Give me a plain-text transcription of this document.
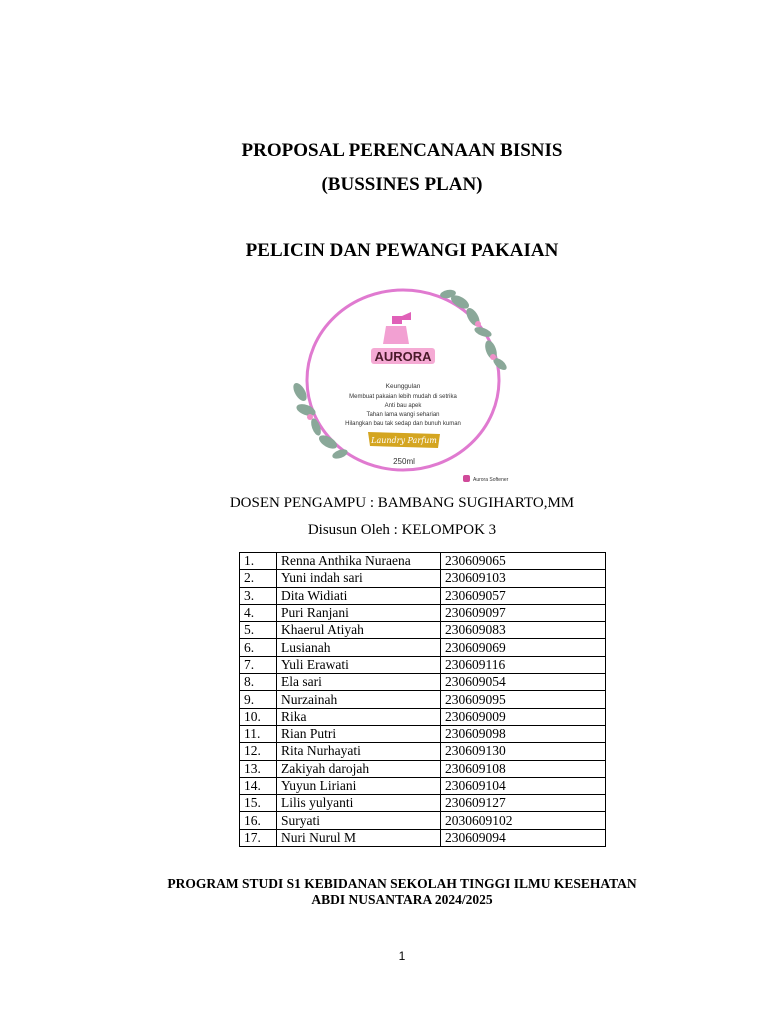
PROPOSAL PERENCANAAN BISNIS
(BUSSINES PLAN)
PELICIN DAN PEWANGI PAKAIAN
AURORA
Keunggulan
Membuat pakaian lebih mudah di setrika
Anti bau apek
Tahan lama wangi seharian
Hilangkan bau tak sedap dan bunuh kuman
Laundry Parfum
250ml
Aurora Softener
DOSEN PENGAMPU : BAMBANG SUGIHARTO,MM
Disusun Oleh : KELOMPOK 3
1.	Renna Anthika Nuraena	230609065
2.	Yuni indah sari	230609103
3.	Dita Widiati	230609057
4.	Puri Ranjani	230609097
5.	Khaerul Atiyah	230609083
6.	Lusianah	230609069
7.	Yuli Erawati	230609116
8.	Ela sari	230609054
9.	Nurzainah	230609095
10.	Rika	230609009
11.	Rian Putri	230609098
12.	Rita Nurhayati	230609130
13.	Zakiyah darojah	230609108
14.	Yuyun Liriani	230609104
15.	Lilis yulyanti	230609127
16.	Suryati	2030609102
17.	Nuri Nurul M	230609094
PROGRAM STUDI S1 KEBIDANAN SEKOLAH TINGGI ILMU KESEHATAN
ABDI NUSANTARA 2024/2025
1
